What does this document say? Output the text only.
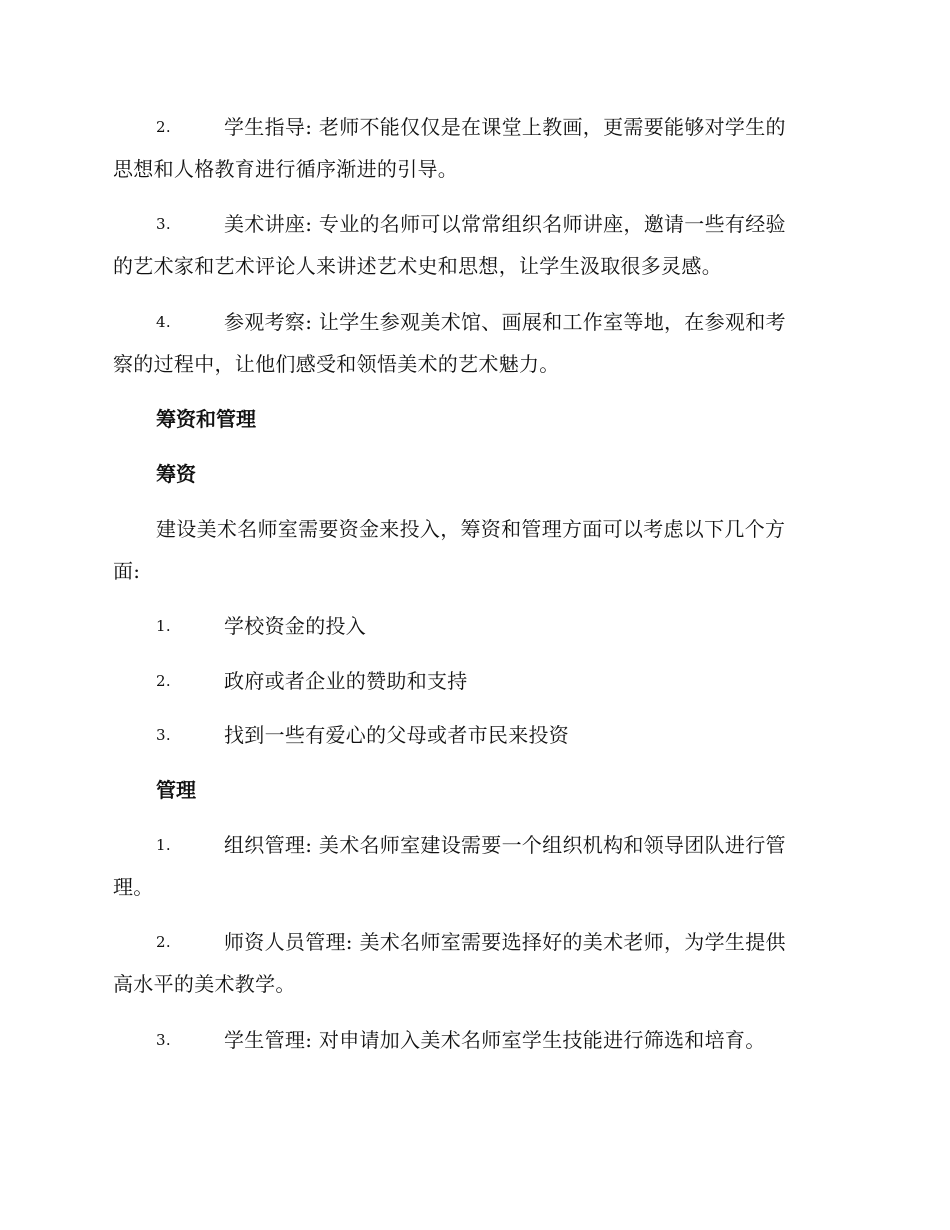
2.	学生指导: 老师不能仅仅是在课堂上教画，更需要能够对学生的
思想和人格教育进行循序渐进的引导。
3.	美术讲座: 专业的名师可以常常组织名师讲座，邀请一些有经验
的艺术家和艺术评论人来讲述艺术史和思想，让学生汲取很多灵感。
4.	参观考察: 让学生参观美术馆、画展和工作室等地，在参观和考
察的过程中，让他们感受和领悟美术的艺术魅力。
筹资和管理
筹资
建设美术名师室需要资金来投入，筹资和管理方面可以考虑以下几个方
面:
1.	学校资金的投入
2.	政府或者企业的赞助和支持
3.	找到一些有爱心的父母或者市民来投资
管理
1.	组织管理: 美术名师室建设需要一个组织机构和领导团队进行管
理。
2.	师资人员管理: 美术名师室需要选择好的美术老师，为学生提供
高水平的美术教学。
3.	学生管理: 对申请加入美术名师室学生技能进行筛选和培育。
